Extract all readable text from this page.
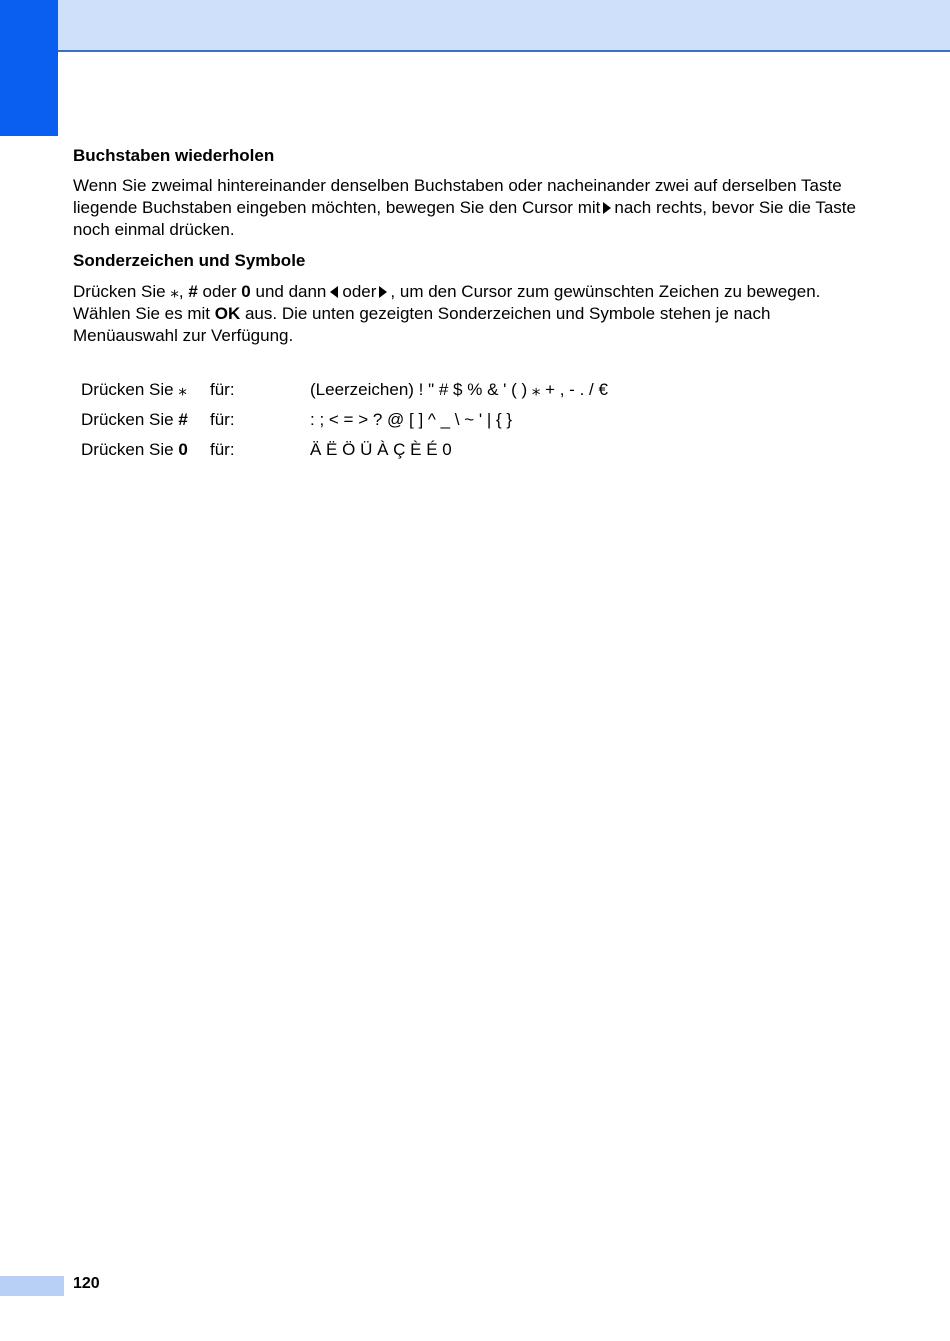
Buchstaben wiederholen

Wenn Sie zweimal hintereinander denselben Buchstaben oder nacheinander zwei auf derselben Taste liegende Buchstaben eingeben möchten, bewegen Sie den Cursor mit nach rechts, bevor Sie die Taste noch einmal drücken.

Sonderzeichen und Symbole

Drücken Sie ⁎, # oder 0 und dann oder , um den Cursor zum gewünschten Zeichen zu bewegen. Wählen Sie es mit OK aus. Die unten gezeigten Sonderzeichen und Symbole stehen je nach Menüauswahl zur Verfügung.

Drücken Sie ⁎ für:	(Leerzeichen) ! " # $ % & ' ( ) ⁎ + , - . / €
Drücken Sie # für:	: ; < = > ? @ [ ] ^ _ \ ~ ' | { }
Drücken Sie 0 für:	Ä Ë Ö Ü À Ç È É 0
120
